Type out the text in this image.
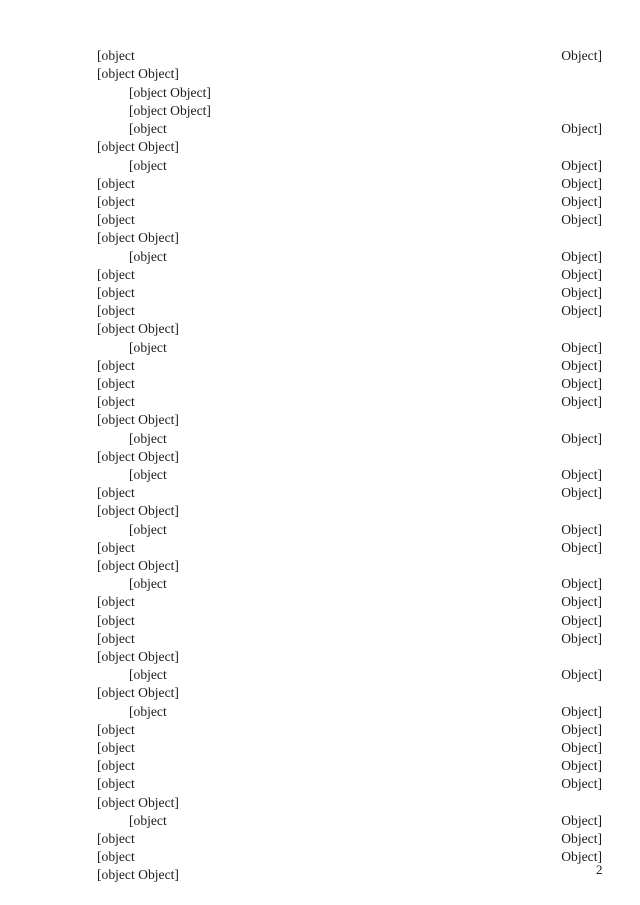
[object Object]
[object Object]
[object Object]
[object Object]
[object Object]
[object Object]
[object Object]
[object Object]
[object Object]
[object Object]
[object Object]
[object Object]
[object Object]
[object Object]
[object Object]
[object Object]
[object Object]
[object Object]
[object Object]
[object Object]
[object Object]
[object Object]
[object Object]
[object Object]
[object Object]
[object Object]
[object Object]
[object Object]
[object Object]
[object Object]
[object Object]
[object Object]
[object Object]
[object Object]
[object Object]
[object Object]
[object Object]
[object Object]
[object Object]
[object Object]
[object Object]
[object Object]
[object Object]
[object Object]
[object Object]
[object Object]	2
